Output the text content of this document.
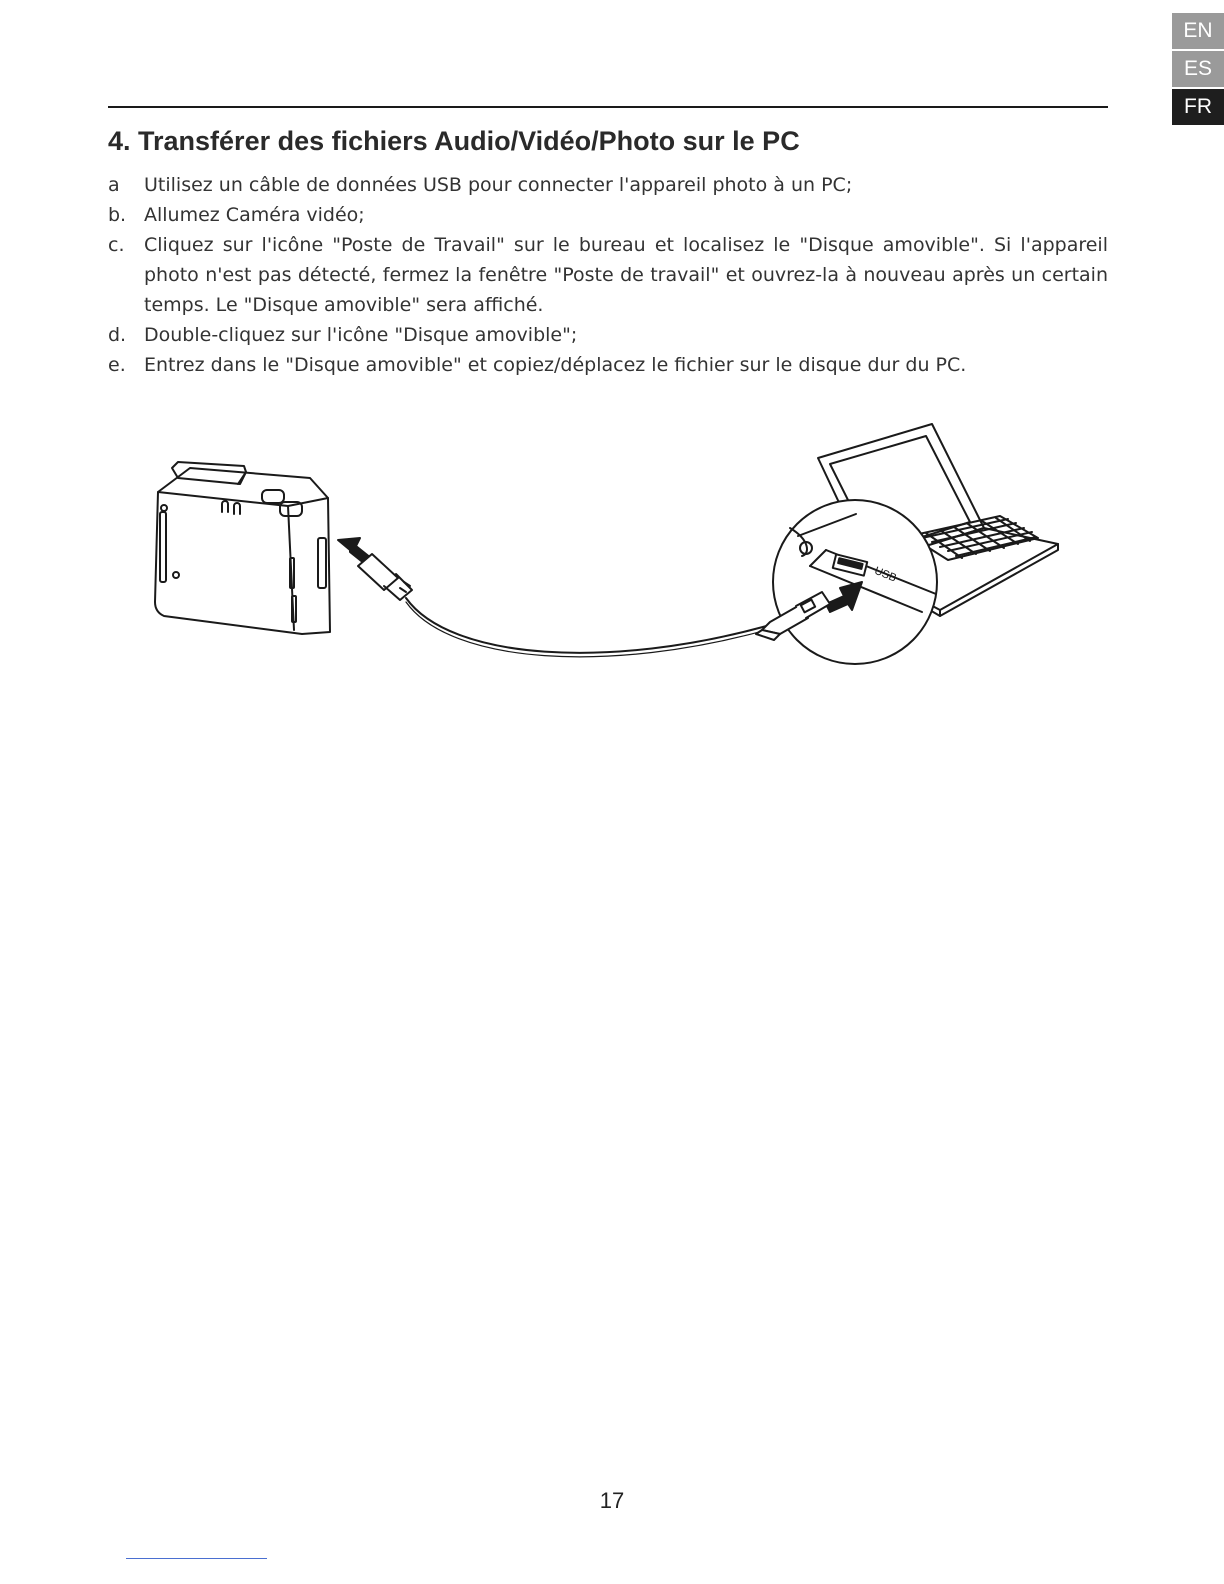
EN
ES
FR
4. Transférer des fichiers Audio/Vidéo/Photo sur le PC
a	Utilisez un câble de données USB pour connecter l'appareil photo à un PC;
b. Allumez Caméra vidéo;
c.	Cliquez sur l'icône "Poste de Travail" sur le bureau et localisez le "Disque amovible". Si l'appareil photo n'est pas détecté, fermez la fenêtre "Poste de travail" et ouvrez-la à nouveau après un certain temps. Le "Disque amovible" sera affiché.
d. Double-cliquez sur l'icône "Disque amovible";
e. Entrez dans le "Disque amovible" et copiez/déplacez le fichier sur le disque dur du PC.
USB
17
